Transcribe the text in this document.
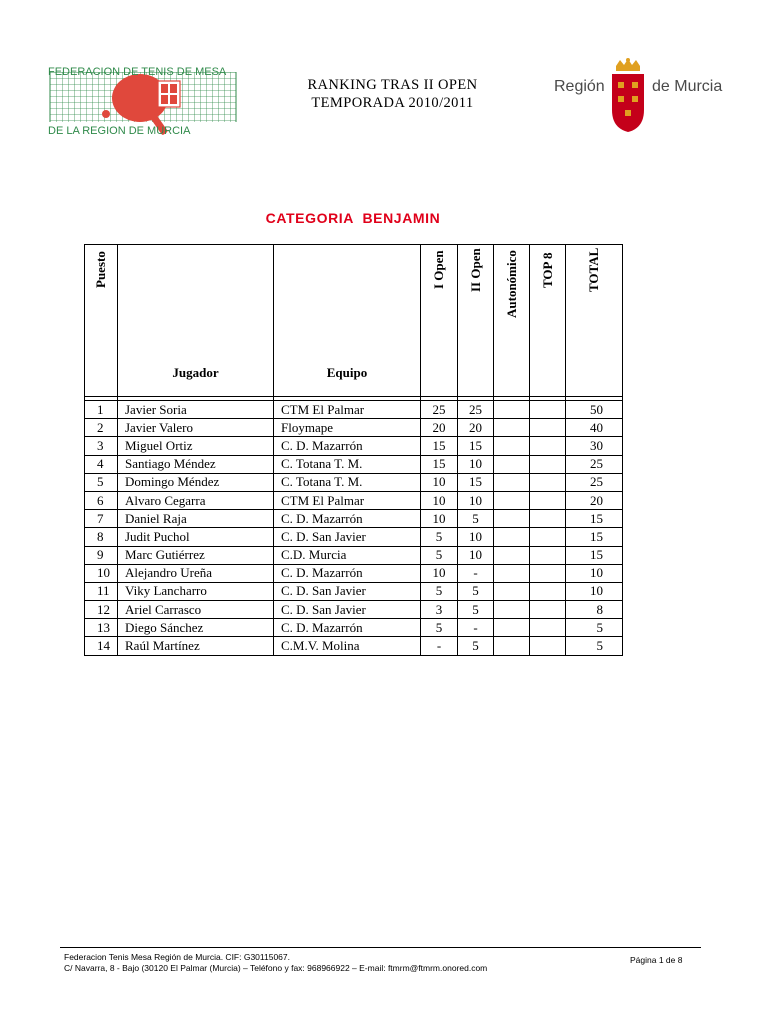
FEDERACION DE TENIS DE MESA
DE LA REGION DE MURCIA
RANKING TRAS II OPEN
TEMPORADA 2010/2011
Región	de Murcia
CATEGORIA  BENJAMIN
Puesto	Jugador	Equipo	I Open	II Open	Autonómico	TOP 8	TOTAL

1	Javier Soria	CTM El Palmar	25	25			50
2	Javier Valero	Floymape	20	20			40
3	Miguel Ortiz	C. D. Mazarrón	15	15			30
4	Santiago Méndez	C. Totana T. M.	15	10			25
5	Domingo Méndez	C. Totana T. M.	10	15			25
6	Alvaro Cegarra	CTM El Palmar	10	10			20
7	Daniel Raja	C. D. Mazarrón	10	5			15
8	Judit Puchol	C. D. San Javier	5	10			15
9	Marc Gutiérrez	C.D. Murcia	5	10			15
10	Alejandro Ureña	C. D. Mazarrón	10	-			10
11	Viky Lancharro	C. D. San Javier	5	5			10
12	Ariel Carrasco	C. D. San Javier	3	5			8
13	Diego Sánchez	C. D. Mazarrón	5	-			5
14	Raúl Martínez	C.M.V. Molina	-	5			5
Federacion Tenis Mesa Región de Murcia. CIF: G30115067.
C/ Navarra, 8 - Bajo (30120 El Palmar (Murcia) – Teléfono y fax: 968966922 – E-mail: ftmrm@ftmrm.onored.com
Página 1 de 8
